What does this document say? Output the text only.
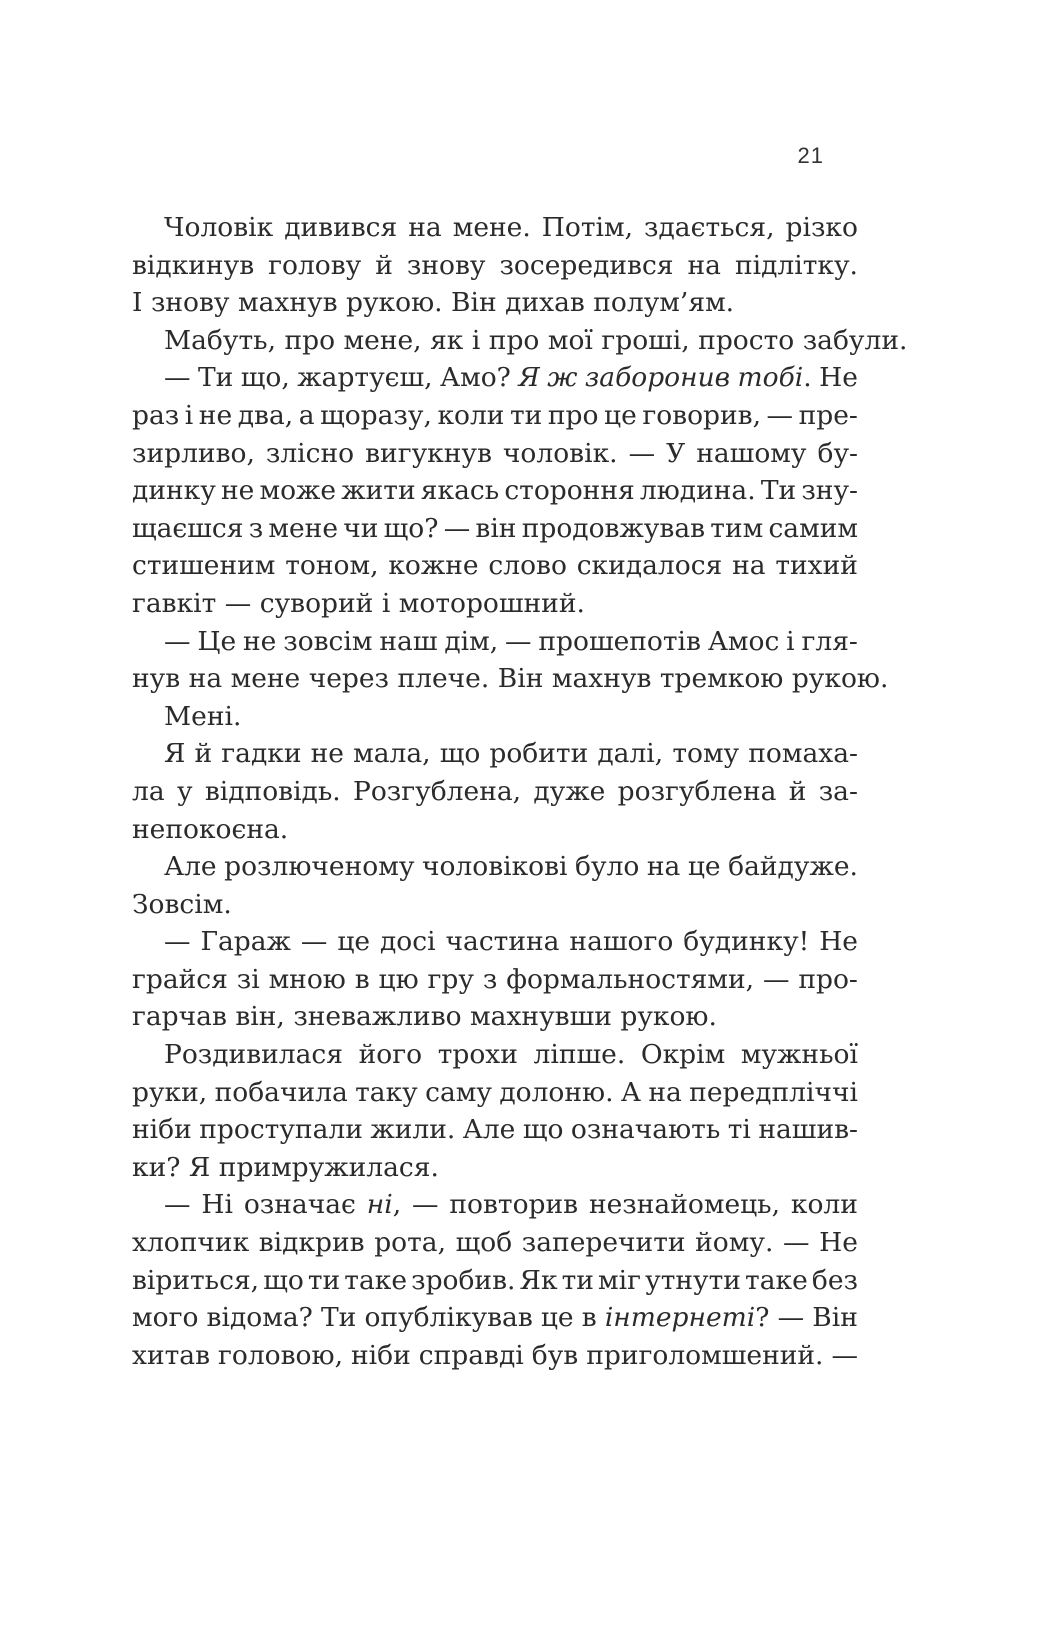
21
Чоловік дивився на мене. Потім, здається, різко
відкинув голову й знову зосередився на підлітку.
І знову махнув рукою. Він дихав полум’ям.
Мабуть, про мене, як і про мої гроші, просто забули.
— Ти що, жартуєш, Амо? Я ж заборонив тобі. Не
раз і не два, а щоразу, коли ти про це говорив, — пре-
зирливо, злісно вигукнув чоловік. — У нашому бу-
динку не може жити якась стороння людина. Ти зну-
щаєшся з мене чи що? — він продовжував тим самим
стишеним тоном, кожне слово скидалося на тихий
гавкіт — суворий і моторошний.
— Це не зовсім наш дім, — прошепотів Амос і гля-
нув на мене через плече. Він махнув тремкою рукою.
Мені.
Я й гадки не мала, що робити далі, тому помаха-
ла у відповідь. Розгублена, дуже розгублена й за-
непокоєна.
Але розлюченому чоловікові було на це байдуже.
Зовсім.
— Гараж — це досі частина нашого будинку! Не
грайся зі мною в цю гру з формальностями, — про-
гарчав він, зневажливо махнувши рукою.
Роздивилася його трохи ліпше. Окрім мужньої
руки, побачила таку саму долоню. А на передпліччі
ніби проступали жили. Але що означають ті нашив-
ки? Я примружилася.
— Ні означає ні, — повторив незнайомець, коли
хлопчик відкрив рота, щоб заперечити йому. — Не
віриться, що ти таке зробив. Як ти міг утнути таке без
мого відома? Ти опублікував це в інтернеті? — Він
хитав головою, ніби справді був приголомшений. —
